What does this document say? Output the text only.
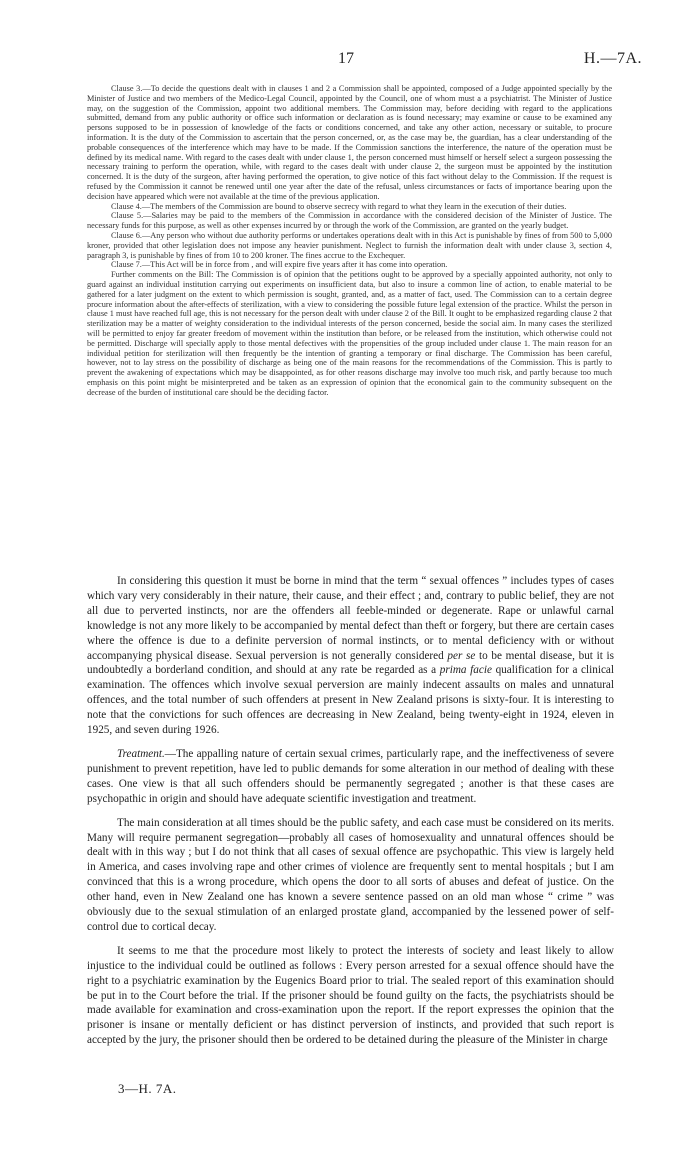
17	H.—7A.

Clause 3.—To decide the questions dealt with in clauses 1 and 2 a Commission shall be appointed, composed of a Judge appointed specially by the Minister of Justice and two members of the Medico-Legal Council, appointed by the Council, one of whom must a a psychiatrist. The Minister of Justice may, on the suggestion of the Commission, appoint two additional members. The Commission may, before deciding with regard to the applications submitted, demand from any public authority or office such information or declaration as is found necessary; may examine or cause to be examined any persons supposed to be in possession of knowledge of the facts or conditions concerned, and take any other action, necessary or suitable, to procure information. It is the duty of the Commission to ascertain that the person concerned, or, as the case may be, the guardian, has a clear understanding of the probable consequences of the interference which may have to be made. If the Commission sanctions the interference, the nature of the operation must be defined by its medical name. With regard to the cases dealt with under clause 1, the person concerned must himself or herself select a surgeon possessing the necessary training to perform the operation, while, with regard to the cases dealt with under clause 2, the surgeon must be appointed by the institution concerned. It is the duty of the surgeon, after having performed the operation, to give notice of this fact without delay to the Commission. If the request is refused by the Commission it cannot be renewed until one year after the date of the refusal, unless circumstances or facts of importance bearing upon the decision have appeared which were not available at the time of the previous application.

Clause 4.—The members of the Commission are bound to observe secrecy with regard to what they learn in the execution of their duties.

Clause 5.—Salaries may be paid to the members of the Commission in accordance with the considered decision of the Minister of Justice. The necessary funds for this purpose, as well as other expenses incurred by or through the work of the Commission, are granted on the yearly budget.

Clause 6.—Any person who without due authority performs or undertakes operations dealt with in this Act is punishable by fines of from 500 to 5,000 kroner, provided that other legislation does not impose any heavier punishment. Neglect to furnish the information dealt with under clause 3, section 4, paragraph 3, is punishable by fines of from 10 to 200 kroner. The fines accrue to the Exchequer.

Clause 7.—This Act will be in force from , and will expire five years after it has come into operation.

Further comments on the Bill: The Commission is of opinion that the petitions ought to be approved by a specially appointed authority, not only to guard against an individual institution carrying out experiments on insufficient data, but also to insure a common line of action, to enable material to be gathered for a later judgment on the extent to which permission is sought, granted, and, as a matter of fact, used. The Commission can to a certain degree procure information about the after-effects of sterilization, with a view to considering the possible future legal extension of the practice. Whilst the person in clause 1 must have reached full age, this is not necessary for the person dealt with under clause 2 of the Bill. It ought to be emphasized regarding clause 2 that sterilization may be a matter of weighty consideration to the individual interests of the person concerned, beside the social aim. In many cases the sterilized will be permitted to enjoy far greater freedom of movement within the institution than before, or be released from the institution, which otherwise could not be permitted. Discharge will specially apply to those mental defectives with the propensities of the group included under clause 1. The main reason for an individual petition for sterilization will then frequently be the intention of granting a temporary or final discharge. The Commission has been careful, however, not to lay stress on the possibility of discharge as being one of the main reasons for the recommendations of the Commission. This is partly to prevent the awakening of expectations which may be disappointed, as for other reasons discharge may involve too much risk, and partly because too much emphasis on this point might be misinterpreted and be taken as an expression of opinion that the economical gain to the community subsequent on the decrease of the burden of institutional care should be the deciding factor.

In considering this question it must be borne in mind that the term “ sexual offences ” includes types of cases which vary very considerably in their nature, their cause, and their effect ; and, contrary to public belief, they are not all due to perverted instincts, nor are the offenders all feeble-minded or degenerate. Rape or unlawful carnal knowledge is not any more likely to be accompanied by mental defect than theft or forgery, but there are certain cases where the offence is due to a definite perversion of normal instincts, or to mental deficiency with or without accompanying physical disease. Sexual perversion is not generally considered per se to be mental disease, but it is undoubtedly a borderland condition, and should at any rate be regarded as a prima facie qualification for a clinical examination. The offences which involve sexual perversion are mainly indecent assaults on males and unnatural offences, and the total number of such offenders at present in New Zealand prisons is sixty-four. It is interesting to note that the convictions for such offences are decreasing in New Zealand, being twenty-eight in 1924, eleven in 1925, and seven during 1926.

Treatment.—The appalling nature of certain sexual crimes, particularly rape, and the ineffectiveness of severe punishment to prevent repetition, have led to public demands for some alteration in our method of dealing with these cases. One view is that all such offenders should be permanently segregated ; another is that these cases are psychopathic in origin and should have adequate scientific investigation and treatment.

The main consideration at all times should be the public safety, and each case must be considered on its merits. Many will require permanent segregation—probably all cases of homosexuality and unnatural offences should be dealt with in this way ; but I do not think that all cases of sexual offence are psychopathic. This view is largely held in America, and cases involving rape and other crimes of violence are frequently sent to mental hospitals ; but I am convinced that this is a wrong procedure, which opens the door to all sorts of abuses and defeat of justice. On the other hand, even in New Zealand one has known a severe sentence passed on an old man whose “ crime ” was obviously due to the sexual stimulation of an enlarged prostate gland, accompanied by the lessened power of self-control due to cortical decay.

It seems to me that the procedure most likely to protect the interests of society and least likely to allow injustice to the individual could be outlined as follows : Every person arrested for a sexual offence should have the right to a psychiatric examination by the Eugenics Board prior to trial. The sealed report of this examination should be put in to the Court before the trial. If the prisoner should be found guilty on the facts, the psychiatrists should be made available for examination and cross-examination upon the report. If the report expresses the opinion that the prisoner is insane or mentally deficient or has distinct perversion of instincts, and provided that such report is accepted by the jury, the prisoner should then be ordered to be detained during the pleasure of the Minister in charge

3—H. 7A.
